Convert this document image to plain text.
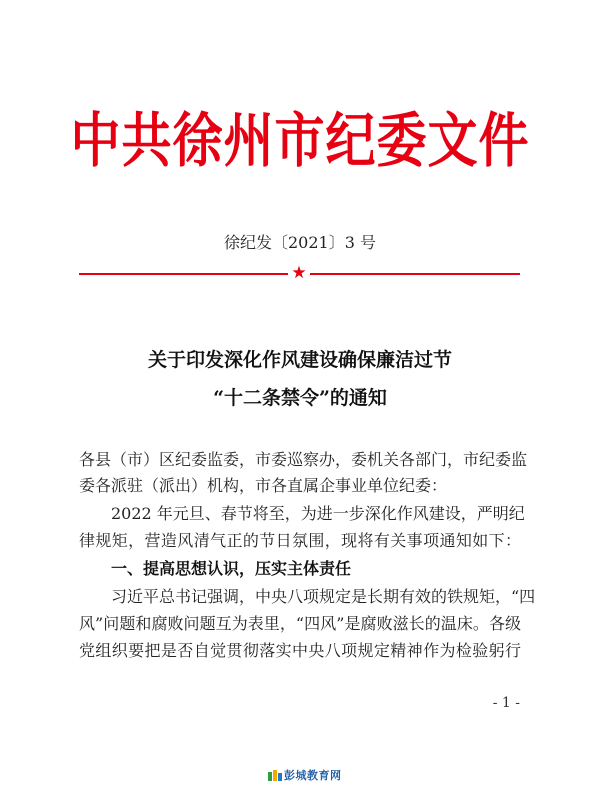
中共徐州市纪委文件
徐纪发〔2021〕3 号
★
关于印发深化作风建设确保廉洁过节
“十二条禁令”的通知
各县（市）区纪委监委，市委巡察办，委机关各部门，市纪委监
委各派驻（派出）机构，市各直属企事业单位纪委：
2022 年元旦、春节将至，为进一步深化作风建设，严明纪
律规矩，营造风清气正的节日氛围，现将有关事项通知如下：
一、提高思想认识，压实主体责任
习近平总书记强调，中央八项规定是长期有效的铁规矩，“四
风”问题和腐败问题互为表里，“四风”是腐败滋长的温床。各级
党组织要把是否自觉贯彻落实中央八项规定精神作为检验躬行
- 1 -
彭城教育网
